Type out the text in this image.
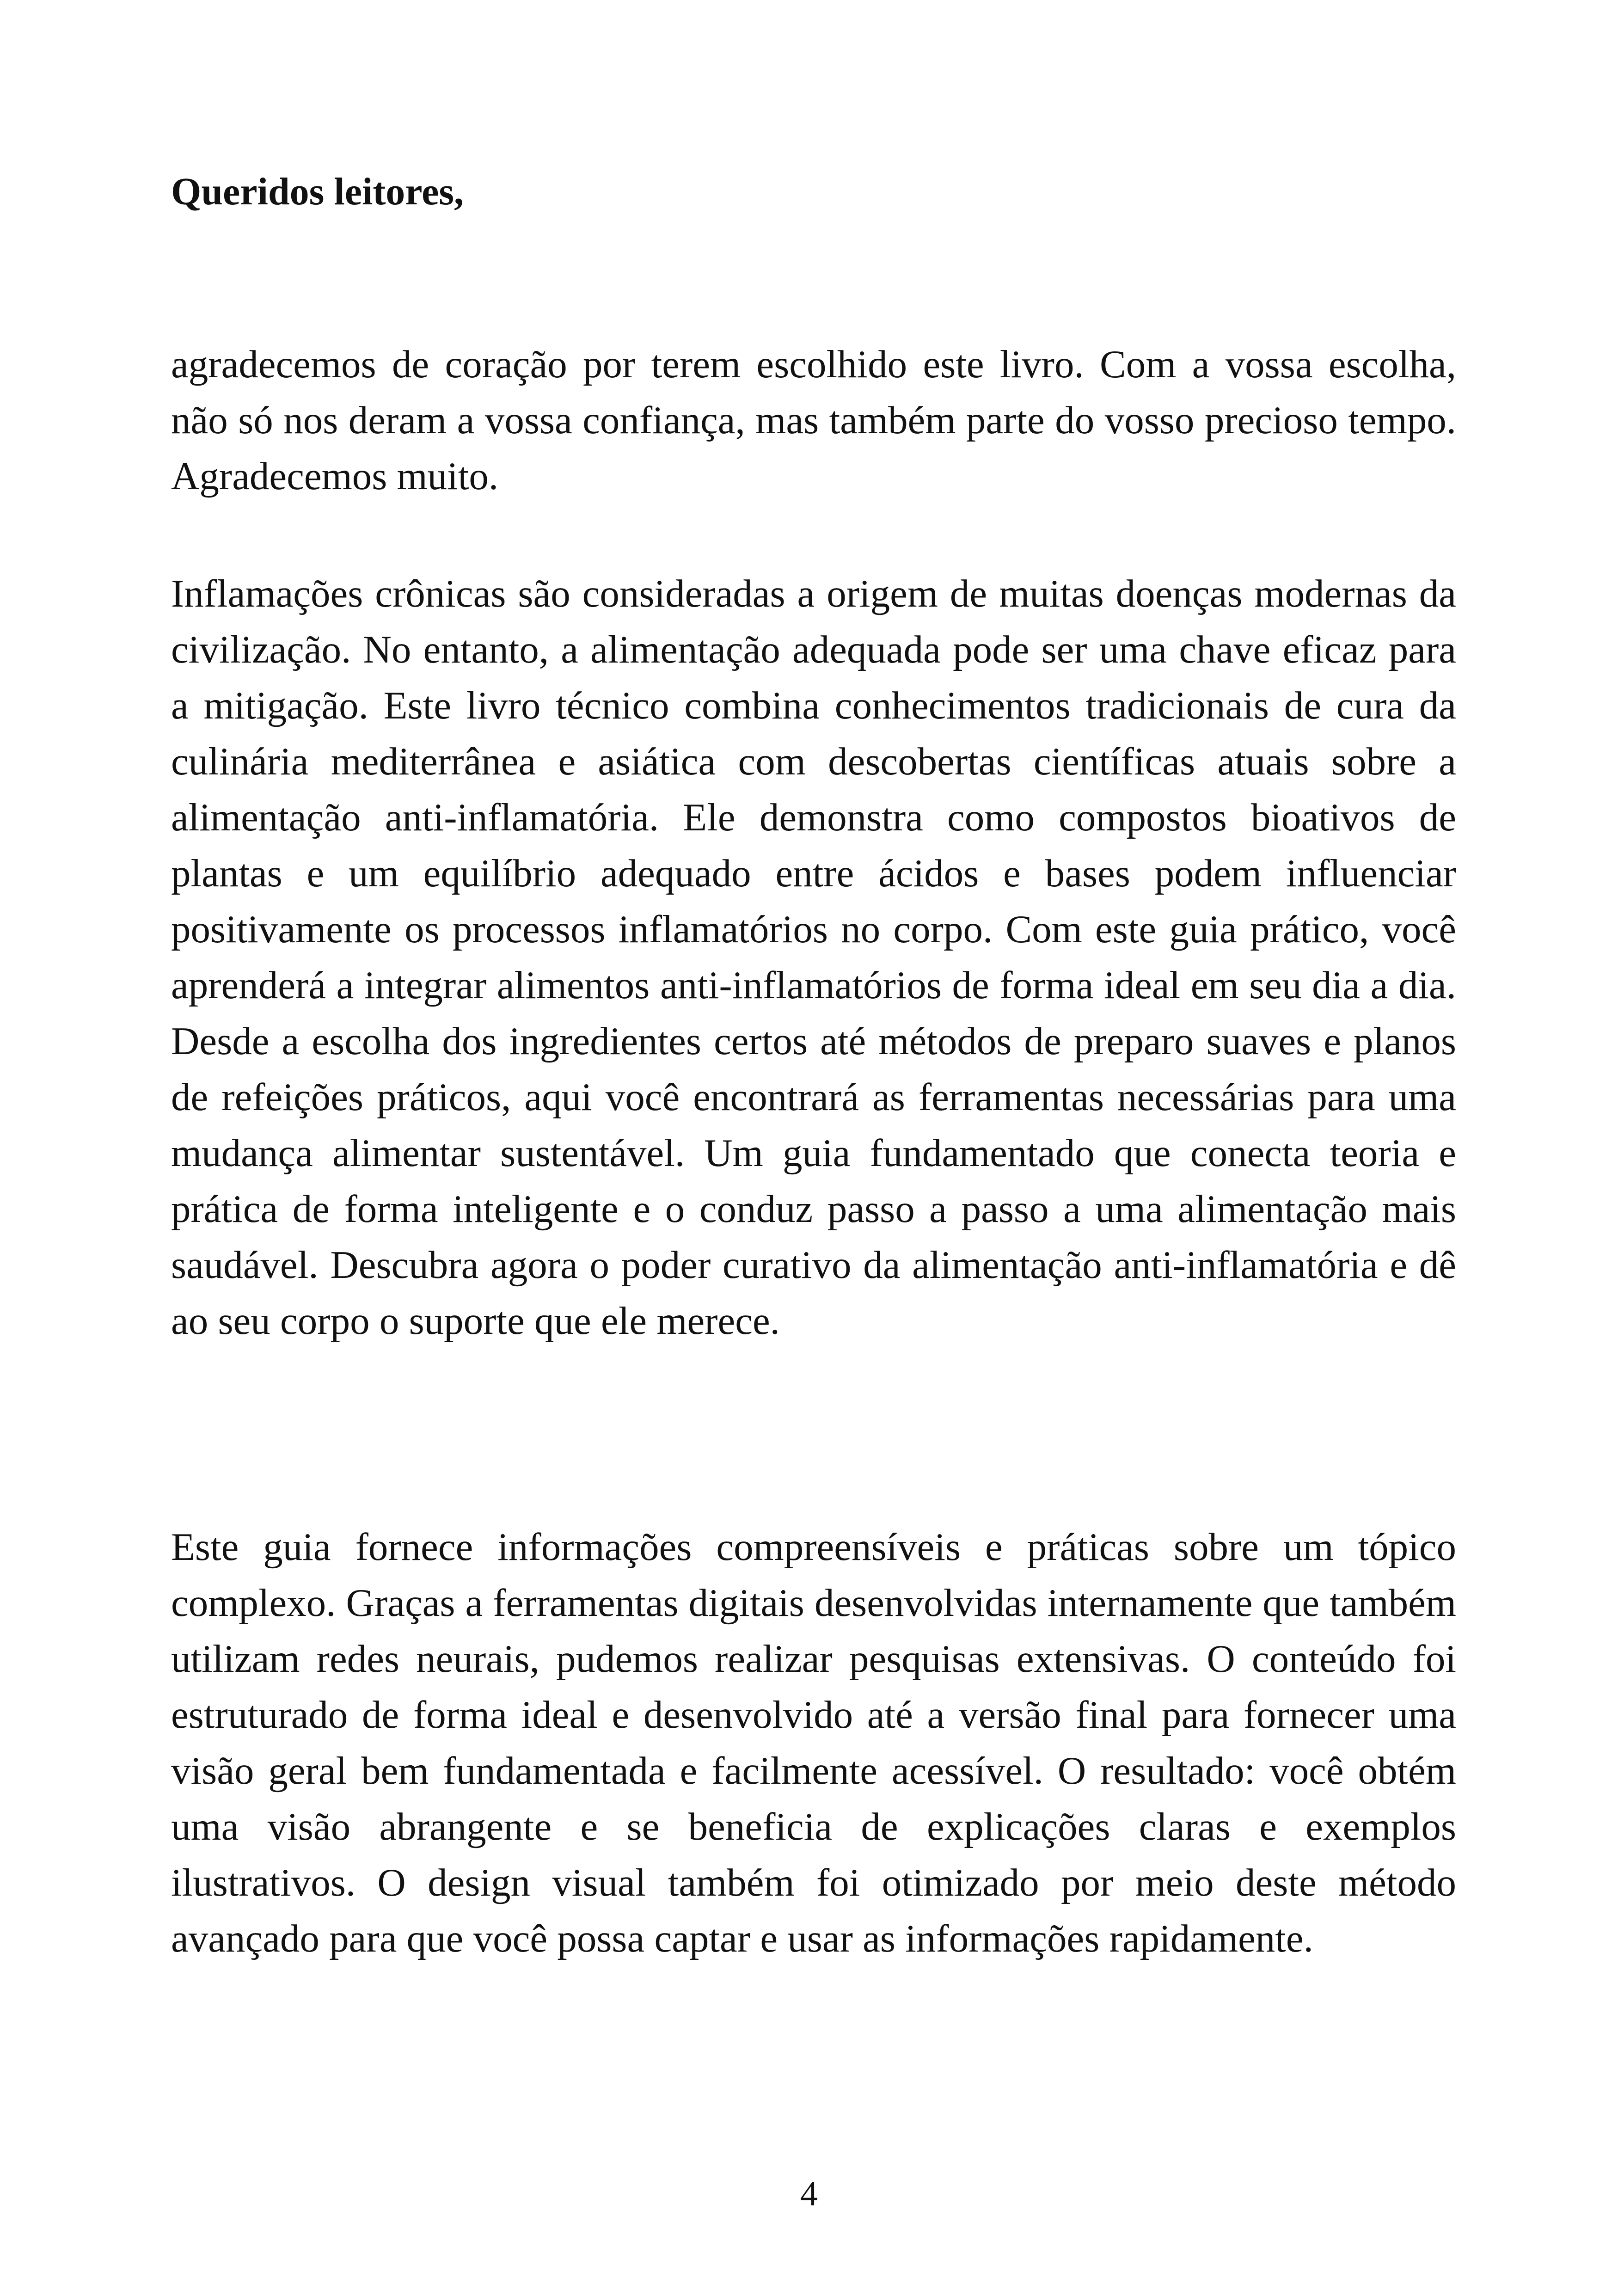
Queridos leitores,

agradecemos de coração por terem escolhido este livro. Com a vossa escolha, não só nos deram a vossa confiança, mas também parte do vosso precioso tempo. Agradecemos muito.

Inflamações crônicas são consideradas a origem de muitas doenças modernas da civilização. No entanto, a alimentação adequada pode ser uma chave eficaz para a mitigação. Este livro técnico combina conhecimentos tradicionais de cura da culinária mediterrânea e asiática com descobertas científicas atuais sobre a alimentação anti-inflamatória. Ele demonstra como compostos bioativos de plantas e um equilíbrio adequado entre ácidos e bases podem influenciar positivamente os processos inflamatórios no corpo. Com este guia prático, você aprenderá a integrar alimentos anti-inflamatórios de forma ideal em seu dia a dia. Desde a escolha dos ingredientes certos até métodos de preparo suaves e planos de refeições práticos, aqui você encontrará as ferramentas necessárias para uma mudança alimentar sustentável. Um guia fundamentado que conecta teoria e prática de forma inteligente e o conduz passo a passo a uma alimentação mais saudável. Descubra agora o poder curativo da alimentação anti-inflamatória e dê ao seu corpo o suporte que ele merece.

Este guia fornece informações compreensíveis e práticas sobre um tópico complexo. Graças a ferramentas digitais desenvolvidas internamente que também utilizam redes neurais, pudemos realizar pesquisas extensivas. O conteúdo foi estruturado de forma ideal e desenvolvido até a versão final para fornecer uma visão geral bem fundamentada e facilmente acessível. O resultado: você obtém uma visão abrangente e se beneficia de explicações claras e exemplos ilustrativos. O design visual também foi otimizado por meio deste método avançado para que você possa captar e usar as informações rapidamente.

4
